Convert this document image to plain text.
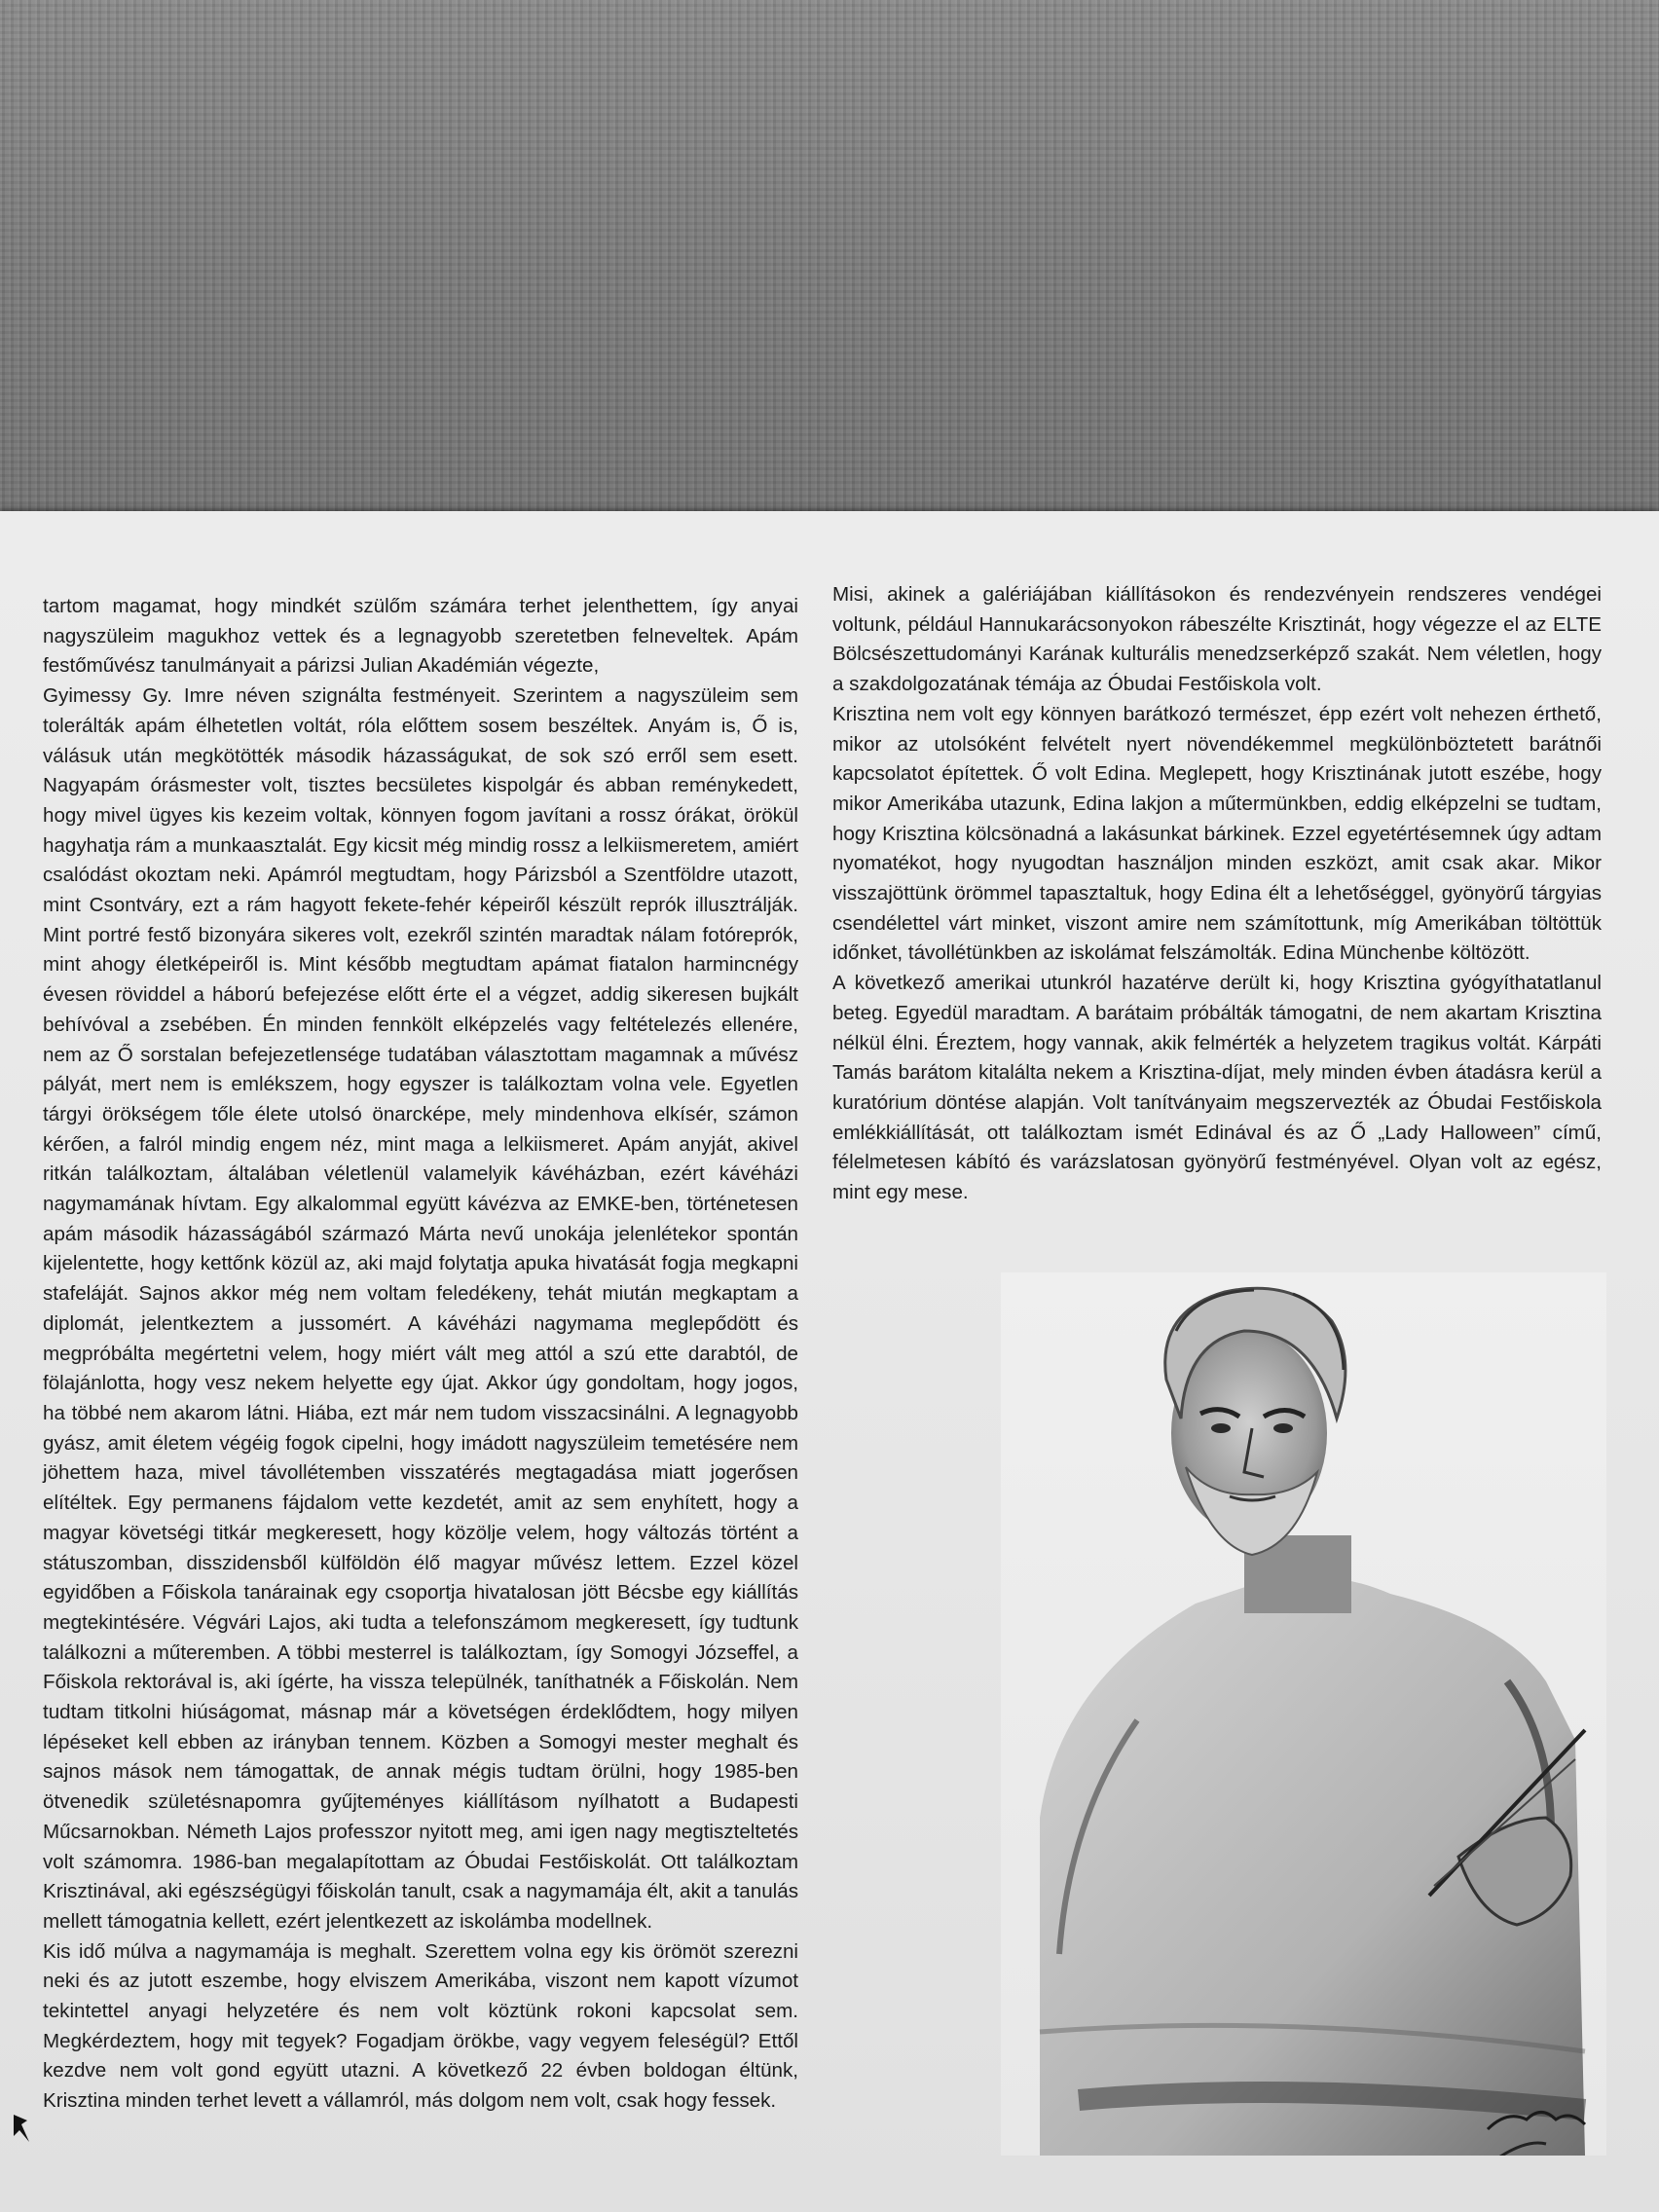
tartom magamat, hogy mindkét szülőm számára terhet jelenthettem, így anyai nagyszüleim magukhoz vettek és a legnagyobb szeretetben felneveltek. Apám festőművész tanulmányait a párizsi Julian Akadémián végezte,

Gyimessy Gy. Imre néven szignálta festményeit. Szerintem a nagyszüleim sem tolerálták apám élhetetlen voltát, róla előttem sosem beszéltek. Anyám is, Ő is, válásuk után megkötötték második házasságukat, de sok szó erről sem esett. Nagyapám órásmester volt, tisztes becsületes kispolgár és abban reménykedett, hogy mivel ügyes kis kezeim voltak, könnyen fogom javítani a rossz órákat, örökül hagyhatja rám a munkaasztalát. Egy kicsit még mindig rossz a lelkiismeretem, amiért csalódást okoztam neki. Apámról megtudtam, hogy Párizsból a Szentföldre utazott, mint Csontváry, ezt a rám hagyott fekete-fehér képeiről készült reprók illusztrálják. Mint portré festő bizonyára sikeres volt, ezekről szintén maradtak nálam fotóreprók, mint ahogy életképeiről is. Mint később megtudtam apámat fiatalon harmincnégy évesen röviddel a háború befejezése előtt érte el a végzet, addig sikeresen bujkált behívóval a zsebében. Én minden fennkölt elképzelés vagy feltételezés ellenére, nem az Ő sorstalan befejezetlensége tudatában választottam magamnak a művész pályát, mert nem is emlékszem, hogy egyszer is találkoztam volna vele. Egyetlen tárgyi örökségem tőle élete utolsó önarcképe, mely mindenhova elkísér, számon kérően, a falról mindig engem néz, mint maga a lelkiismeret. Apám anyját, akivel ritkán találkoztam, általában véletlenül valamelyik kávéházban, ezért kávéházi nagymamának hívtam. Egy alkalommal együtt kávézva az EMKE-ben, történetesen apám második házasságából származó Márta nevű unokája jelenlétekor spontán kijelentette, hogy kettőnk közül az, aki majd folytatja apuka hivatását fogja megkapni stafeláját. Sajnos akkor még nem voltam feledékeny, tehát miután megkaptam a diplomát, jelentkeztem a jussomért. A kávéházi nagymama meglepődött és megpróbálta megértetni velem, hogy miért vált meg attól a szú ette darabtól, de fölajánlotta, hogy vesz nekem helyette egy újat. Akkor úgy gondoltam, hogy jogos, ha többé nem akarom látni. Hiába, ezt már nem tudom visszacsinálni. A legnagyobb gyász, amit életem végéig fogok cipelni, hogy imádott nagyszüleim temetésére nem jöhettem haza, mivel távollétemben visszatérés megtagadása miatt jogerősen elítéltek. Egy permanens fájdalom vette kezdetét, amit az sem enyhített, hogy a magyar követségi titkár megkeresett, hogy közölje velem, hogy változás történt a státuszomban, disszidensből külföldön élő magyar művész lettem. Ezzel közel egyidőben a Főiskola tanárainak egy csoportja hivatalosan jött Bécsbe egy kiállítás megtekintésére. Végvári Lajos, aki tudta a telefonszámom megkeresett, így tudtunk találkozni a műteremben. A többi mesterrel is találkoztam, így Somogyi Józseffel, a Főiskola rektorával is, aki ígérte, ha vissza települnék, taníthatnék a Főiskolán. Nem tudtam titkolni hiúságomat, másnap már a követségen érdeklődtem, hogy milyen lépéseket kell ebben az irányban tennem. Közben a Somogyi mester meghalt és sajnos mások nem támogattak, de annak mégis tudtam örülni, hogy 1985-ben ötvenedik születésnapomra gyűjteményes kiállításom nyílhatott a Budapesti Műcsarnokban. Németh Lajos professzor nyitott meg, ami igen nagy megtiszteltetés volt számomra. 1986-ban megalapítottam az Óbudai Festőiskolát. Ott találkoztam Krisztinával, aki egészségügyi főiskolán tanult, csak a nagymamája élt, akit a tanulás mellett támogatnia kellett, ezért jelentkezett az iskolámba modellnek.

Kis idő múlva a nagymamája is meghalt. Szerettem volna egy kis örömöt szerezni neki és az jutott eszembe, hogy elviszem Amerikába, viszont nem kapott vízumot tekintettel anyagi helyzetére és nem volt köztünk rokoni kapcsolat sem. Megkérdeztem, hogy mit tegyek? Fogadjam örökbe, vagy vegyem feleségül? Ettől kezdve nem volt gond együtt utazni. A következő 22 évben boldogan éltünk, Krisztina minden terhet levett a vállamról, más dolgom nem volt, csak hogy fessek.

Misi, akinek a galériájában kiállításokon és rendezvényein rendszeres vendégei voltunk, például Hannukarácsonyokon rábeszélte Krisztinát, hogy végezze el az ELTE Bölcsészettudományi Karának kulturális menedzserképző szakát. Nem véletlen, hogy a szakdolgozatának témája az Óbudai Festőiskola volt.

Krisztina nem volt egy könnyen barátkozó természet, épp ezért volt nehezen érthető, mikor az utolsóként felvételt nyert növendékemmel megkülönböztetett barátnői kapcsolatot építettek. Ő volt Edina. Meglepett, hogy Krisztinának jutott eszébe, hogy mikor Amerikába utazunk, Edina lakjon a műtermünkben, eddig elképzelni se tudtam, hogy Krisztina kölcsönadná a lakásunkat bárkinek. Ezzel egyetértésemnek úgy adtam nyomatékot, hogy nyugodtan használjon minden eszközt, amit csak akar. Mikor visszajöttünk örömmel tapasztaltuk, hogy Edina élt a lehetőséggel, gyönyörű tárgyias csendélettel várt minket, viszont amire nem számítottunk, míg Amerikában töltöttük időnket, távollétünkben az iskolámat felszámolták. Edina Münchenbe költözött.

A következő amerikai utunkról hazatérve derült ki, hogy Krisztina gyógyíthatatlanul beteg. Egyedül maradtam. A barátaim próbálták támogatni, de nem akartam Krisztina nélkül élni. Éreztem, hogy vannak, akik felmérték a helyzetem tragikus voltát. Kárpáti Tamás barátom kitalálta nekem a Krisztina-díjat, mely minden évben átadásra kerül a kuratórium döntése alapján. Volt tanítványaim megszervezték az Óbudai Festőiskola emlékkiállítását, ott találkoztam ismét Edinával és az Ő „Lady Halloween” című, félelmetesen kábító és varázslatosan gyönyörű festményével. Olyan volt az egész, mint egy mese.
